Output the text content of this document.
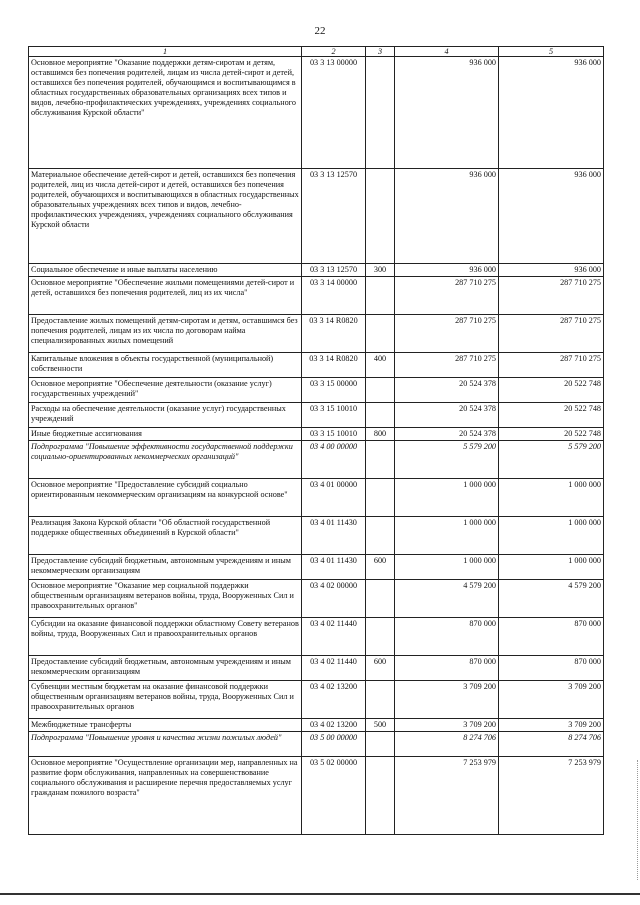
22
1	2	3	4	5
Основное мероприятие "Оказание поддержки детям-сиротам и детям, оставшимся без попечения родителей, лицам из числа детей-сирот и детей, оставшихся без попечения родителей, обучающимся и воспитывающимся в областных государственных образовательных организациях всех типов и видов, лечебно-профилактических учреждениях, учреждениях социального обслуживания Курской области"	03 3 13 00000		936 000	936 000
Материальное обеспечение детей-сирот и детей, оставшихся без попечения родителей, лиц из числа детей-сирот и детей, оставшихся без попечения родителей, обучающихся и воспитывающихся в областных государственных образовательных учреждениях всех типов и видов, лечебно-профилактических учреждениях, учреждениях социального обслуживания Курской области	03 3 13 12570		936 000	936 000
Социальное обеспечение и иные выплаты населению	03 3 13 12570	300	936 000	936 000
Основное мероприятие "Обеспечение жильми помещениями детей-сирот и детей, оставшихся без попечения родителей, лиц из их числа"	03 3 14 00000		287 710 275	287 710 275
Предоставление жилых помещений детям-сиротам и детям, оставшимся без попечения родителей, лицам из их числа по договорам найма специализированных жилых помещений	03 3 14 R0820		287 710 275	287 710 275
Капитальные вложения в объекты государственной (муниципальной) собственности	03 3 14 R0820	400	287 710 275	287 710 275
Основное мероприятие "Обеспечение деятельности (оказание услуг) государственных учреждений"	03 3 15 00000		20 524 378	20 522 748
Расходы на обеспечение деятельности (оказание услуг) государственных учреждений	03 3 15 10010		20 524 378	20 522 748
Иные бюджетные ассигнования	03 3 15 10010	800	20 524 378	20 522 748
Подпрограмма "Повышение эффективности государственной поддержки социально-ориентированных некоммерческих организаций"	03 4 00 00000		5 579 200	5 579 200
Основное мероприятие "Предоставление субсидий социально ориентированным некоммерческим организациям на конкурсной основе"	03 4 01 00000		1 000 000	1 000 000
Реализация Закона Курской области "Об областной государственной поддержке общественных объединений в Курской области"	03 4 01 11430		1 000 000	1 000 000
Предоставление субсидий бюджетным, автономным учреждениям и иным некоммерческим организациям	03 4 01 11430	600	1 000 000	1 000 000
Основное мероприятие "Оказание мер социальной поддержки общественным организациям ветеранов войны, труда, Вооруженных Сил и правоохранительных органов"	03 4 02 00000		4 579 200	4 579 200
Субсидии на оказание финансовой поддержки областному Совету ветеранов войны, труда, Вооруженных Сил и правоохранительных органов	03 4 02 11440		870 000	870 000
Предоставление субсидий бюджетным, автономным учреждениям и иным некоммерческим организациям	03 4 02 11440	600	870 000	870 000
Субвенции местным бюджетам на оказание финансовой поддержки общественным организациям ветеранов войны, труда, Вооруженных Сил и правоохранительных органов	03 4 02 13200		3 709 200	3 709 200
Межбюджетные трансферты	03 4 02 13200	500	3 709 200	3 709 200
Подпрограмма "Повышение уровня и качества жизни пожилых людей"	03 5 00 00000		8 274 706	8 274 706
Основное мероприятие "Осуществление организации мер, направленных на развитие форм обслуживания, направленных на совершенствование социального обслуживания и расширение перечня предоставляемых услуг гражданам пожилого возраста"	03 5 02 00000		7 253 979	7 253 979
